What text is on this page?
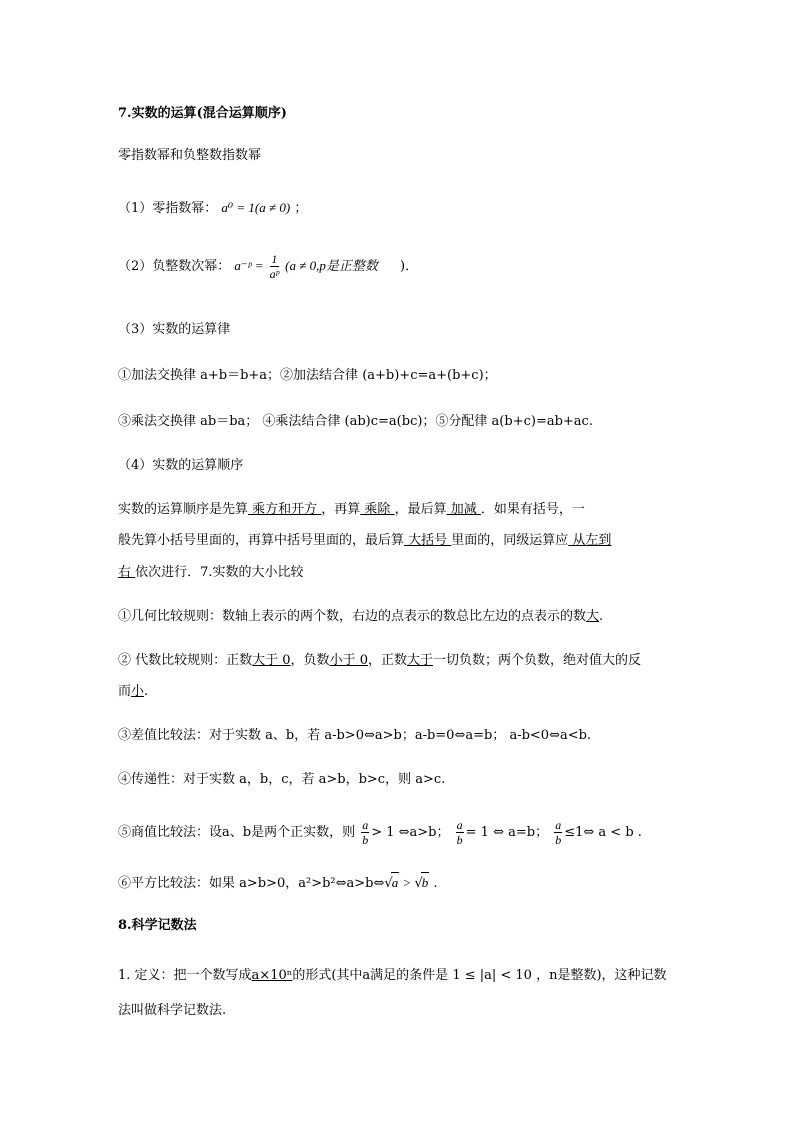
7.实数的运算(混合运算顺序)
零指数幂和负整数指数幂
（1）零指数幂： a⁰ = 1(a ≠ 0) ；
（2）负整数次幂： a⁻ᵖ = $\frac{1}{\text{aᵖ}} (a \ne 0,p$是正整数 )．
（3）实数的运算律
①加法交换律 a+b＝b+a；②加法结合律 (a+b)+c=a+(b+c)；
③乘法交换律 ab＝ba； ④乘法结合律 (ab)c=a(bc)；⑤分配律 a(b+c)=ab+ac.
（4）实数的运算顺序
实数的运算顺序是先算 乘方和开方 ，再算 乘除 ，最后算 加减 ．如果有括号，一
般先算小括号里面的，再算中括号里面的，最后算 大括号 里面的，同级运算应 从左到
右 依次进行．7.实数的大小比较
①几何比较规则：数轴上表示的两个数，右边的点表示的数总比左边的点表示的数大.
② 代数比较规则：正数大于 0，负数小于 0，正数大于一切负数；两个负数，绝对值大的反
而小.
③差值比较法：对于实数 a、b，若 a-b>0⇔a>b；a-b=0⇔a=b； a-b<0⇔a<b.
④传递性：对于实数 a，b，c，若 a>b，b>c，则 a>c.
⑤商值比较法：设a、b是两个正实数，则 $\frac{a}{b} > 1$ ⇔a>b； $\frac{a}{b} = 1$ ⇔ a=b； $\frac{a}{b}$ ≤1⇔ a < b .
⑥平方比较法：如果 a>b>0，a²>b²⇔a>b⇔√a > √b .
8.科学记数法
1. 定义：把一个数写成a×10ⁿ的形式(其中a满足的条件是 1 ≤ |a| < 10 ，n是整数)，这种记数
法叫做科学记数法.
